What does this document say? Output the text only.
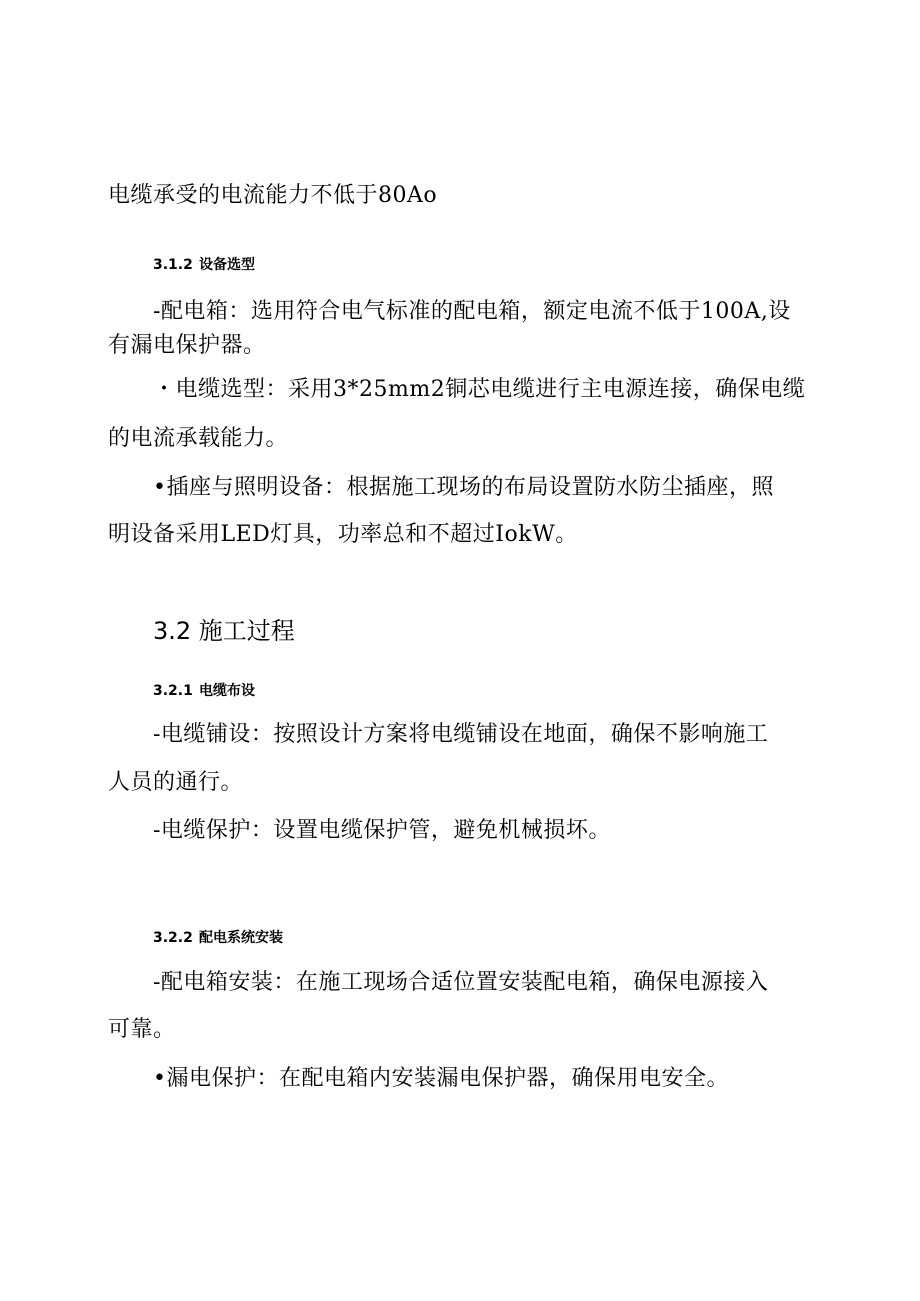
电缆承受的电流能力不低于80Ao
3.1.2 设备选型
-配电箱：选用符合电气标准的配电箱，额定电流不低于100A,设
有漏电保护器。
・电缆选型：采用3*25mm2铜芯电缆进行主电源连接，确保电缆
的电流承载能力。
•插座与照明设备：根据施工现场的布局设置防水防尘插座，照
明设备采用LED灯具，功率总和不超过IokW。
3.2 施工过程
3.2.1 电缆布设
-电缆铺设：按照设计方案将电缆铺设在地面，确保不影响施工
人员的通行。
-电缆保护：设置电缆保护管，避免机械损坏。
3.2.2 配电系统安装
-配电箱安装：在施工现场合适位置安装配电箱，确保电源接入
可靠。
•漏电保护：在配电箱内安装漏电保护器，确保用电安全。
